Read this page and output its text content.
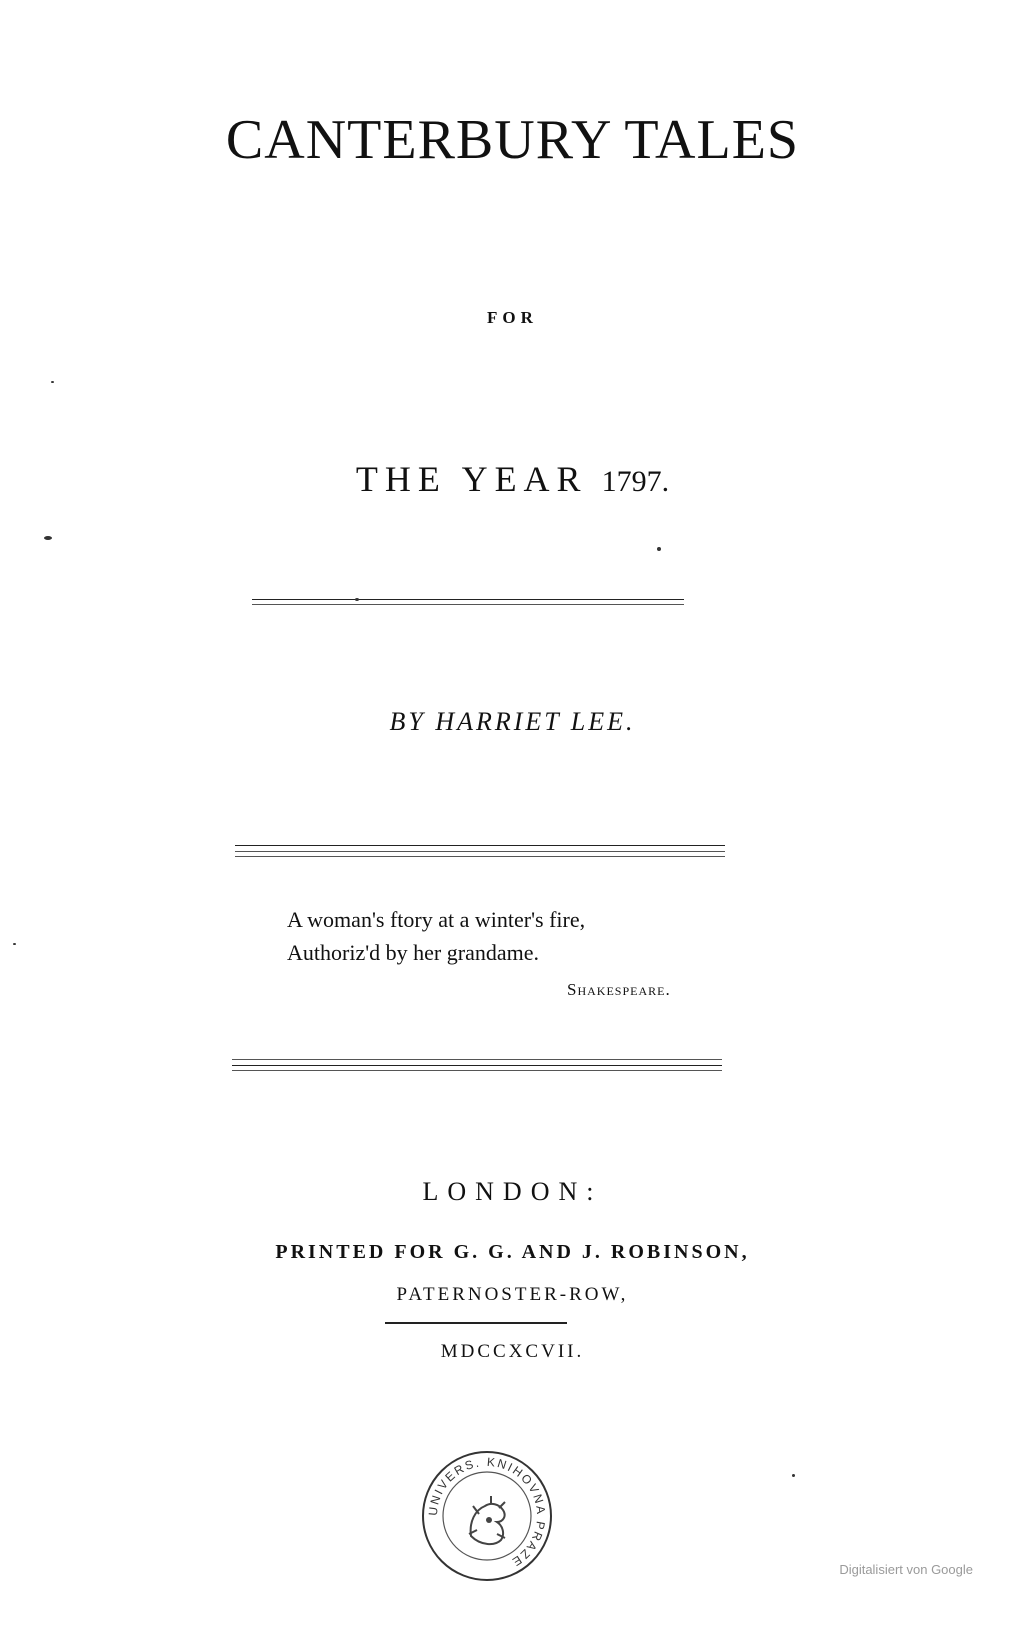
CANTERBURY TALES
FOR
THE YEAR 1797.
BY HARRIET LEE.
A woman's ftory at a winter's fire,
Authoriz'd by her grandame.
Shakespeare.
LONDON:
PRINTED FOR G. G. AND J. ROBINSON,
PATERNOSTER-ROW,
MDCCXCVII.
UNIVERS. KNIHOVNA PRAZE	Digitalisiert von Google
